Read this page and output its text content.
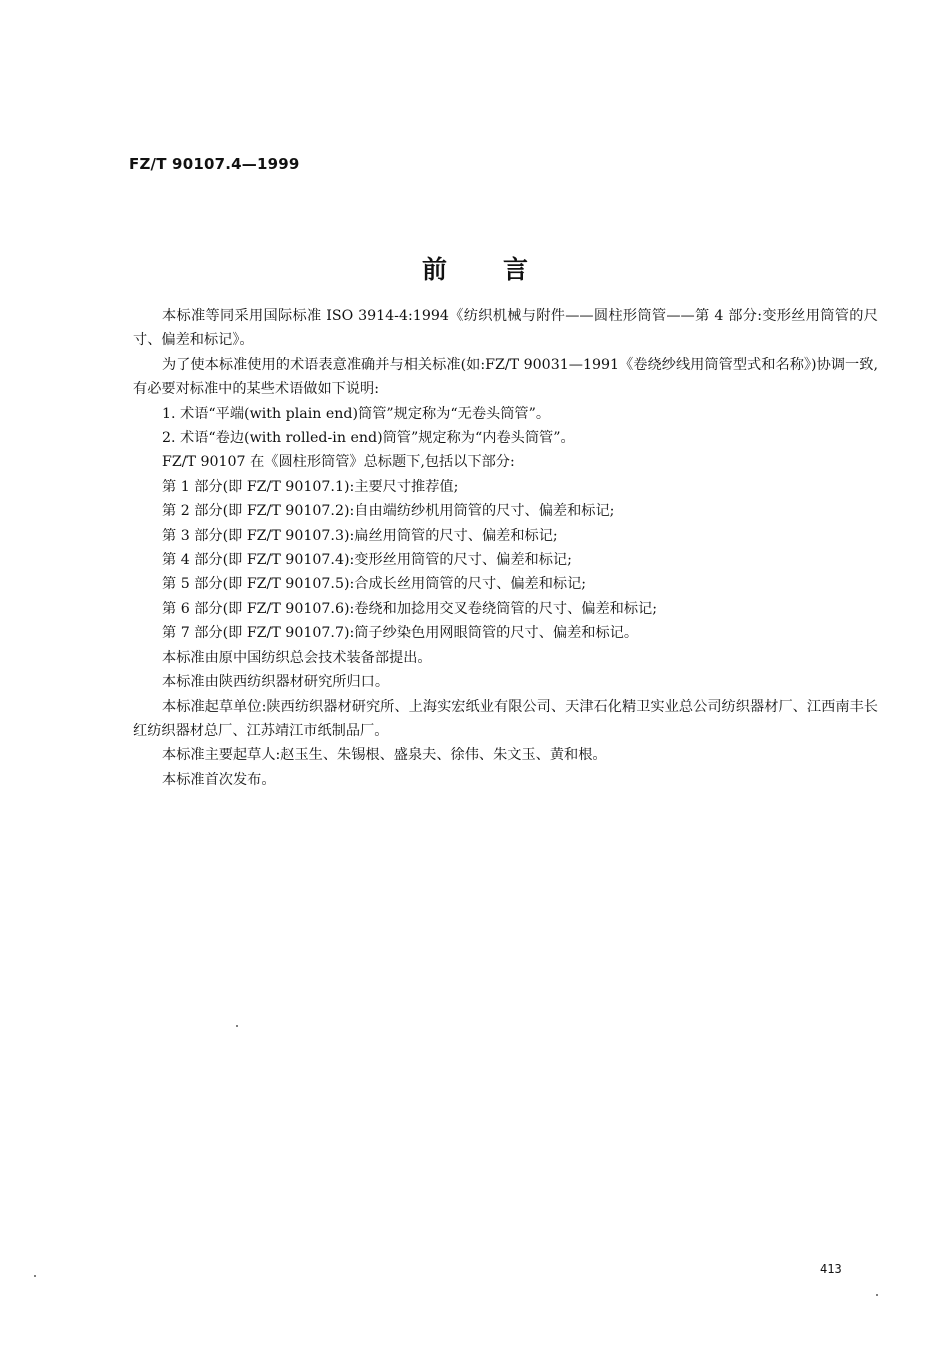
FZ/T 90107.4—1999
前言

本标准等同采用国际标准 ISO 3914-4:1994《纺织机械与附件——圆柱形筒管——第 4 部分:变形丝用筒管的尺寸、偏差和标记》。

为了使本标准使用的术语表意准确并与相关标准(如:FZ/T 90031—1991《卷绕纱线用筒管型式和名称》)协调一致,有必要对标准中的某些术语做如下说明:

1. 术语“平端(with plain end)筒管”规定称为“无卷头筒管”。

2. 术语“卷边(with rolled-in end)筒管”规定称为“内卷头筒管”。

FZ/T 90107 在《圆柱形筒管》总标题下,包括以下部分:

第 1 部分(即 FZ/T 90107.1):主要尺寸推荐值;

第 2 部分(即 FZ/T 90107.2):自由端纺纱机用筒管的尺寸、偏差和标记;

第 3 部分(即 FZ/T 90107.3):扁丝用筒管的尺寸、偏差和标记;

第 4 部分(即 FZ/T 90107.4):变形丝用筒管的尺寸、偏差和标记;

第 5 部分(即 FZ/T 90107.5):合成长丝用筒管的尺寸、偏差和标记;

第 6 部分(即 FZ/T 90107.6):卷绕和加捻用交叉卷绕筒管的尺寸、偏差和标记;

第 7 部分(即 FZ/T 90107.7):筒子纱染色用网眼筒管的尺寸、偏差和标记。

本标准由原中国纺织总会技术装备部提出。

本标准由陕西纺织器材研究所归口。

本标准起草单位:陕西纺织器材研究所、上海实宏纸业有限公司、天津石化精卫实业总公司纺织器材厂、江西南丰长红纺织器材总厂、江苏靖江市纸制品厂。

本标准主要起草人:赵玉生、朱锡根、盛泉夫、徐伟、朱文玉、黄和根。

本标准首次发布。

413
